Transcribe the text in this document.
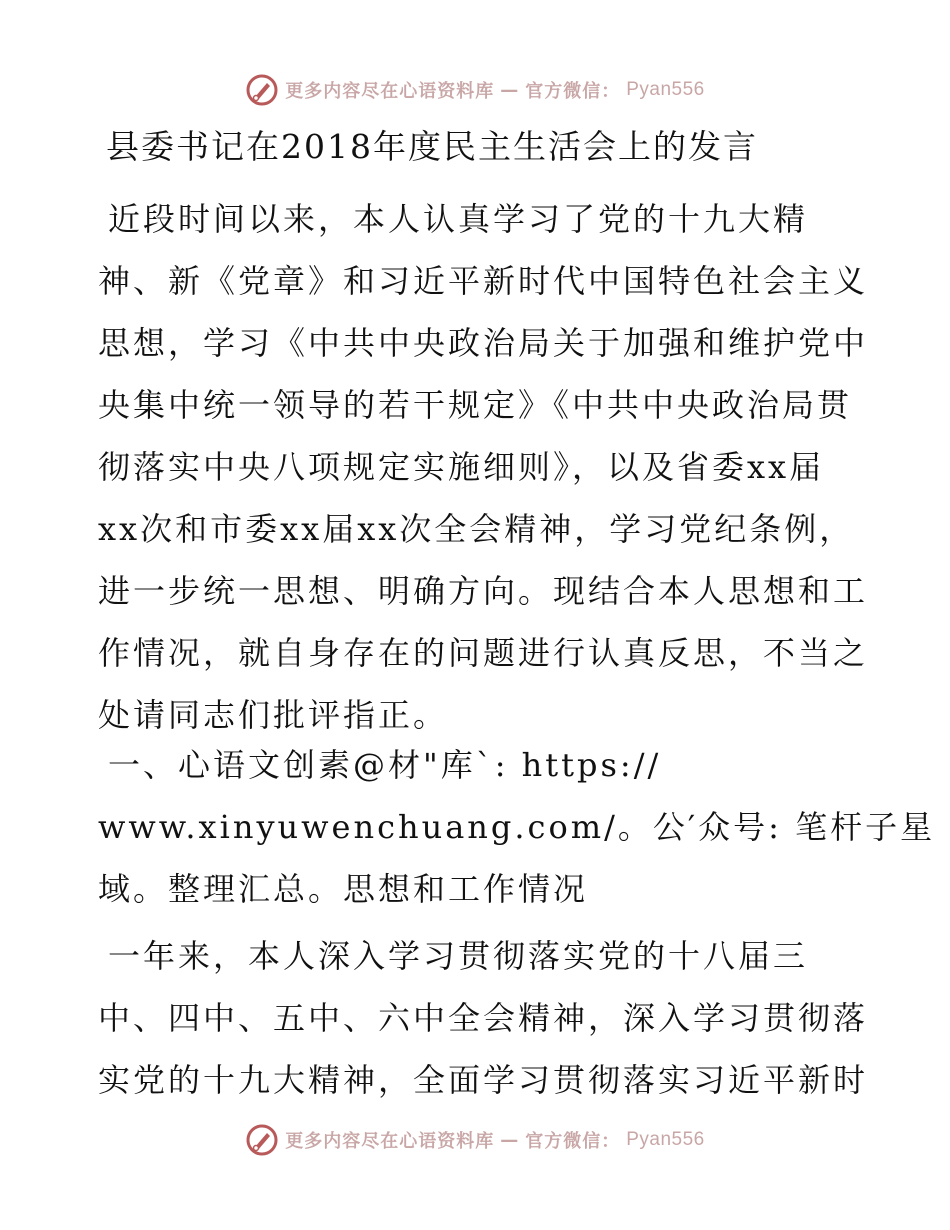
更多内容尽在心语资料库 — 官方微信： Pyan556
县委书记在2018年度民主生活会上的发言
近段时间以来，本人认真学习了党的十九大精
神、新《党章》和习近平新时代中国特色社会主义
思想，学习《中共中央政治局关于加强和维护党中
央集中统一领导的若干规定》《中共中央政治局贯
彻落实中央八项规定实施细则》，以及省委xx届
xx次和市委xx届xx次全会精神，学习党纪条例，
进一步统一思想、明确方向。现结合本人思想和工
作情况，就自身存在的问题进行认真反思，不当之
处请同志们批评指正。
一、心语文创素@材"库`: https://
www.xinyuwenchuang.com/。公′众号: 笔杆子星
域。整理汇总。思想和工作情况
一年来，本人深入学习贯彻落实党的十八届三
中、四中、五中、六中全会精神，深入学习贯彻落
实党的十九大精神，全面学习贯彻落实习近平新时
更多内容尽在心语资料库 — 官方微信： Pyan556
